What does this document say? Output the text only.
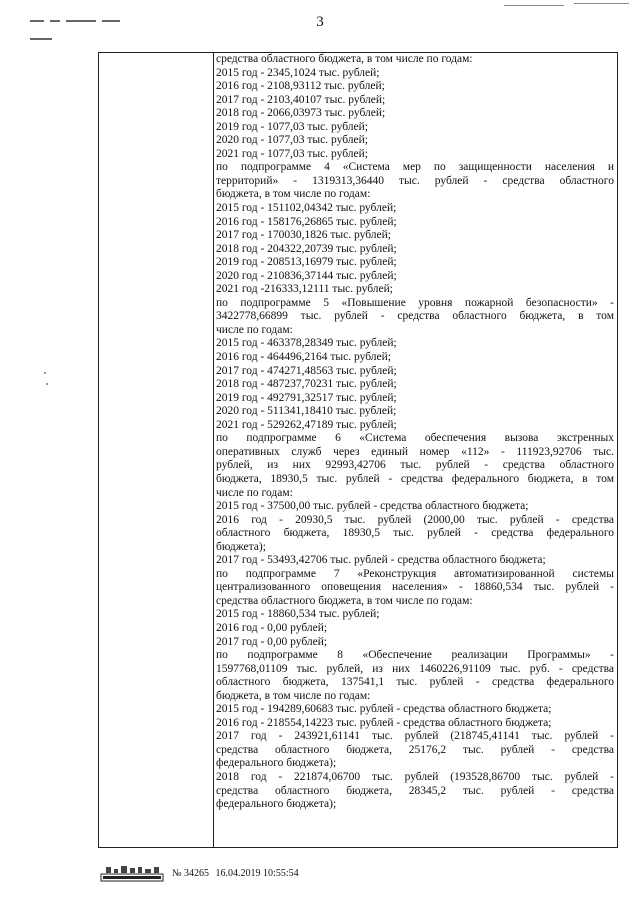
3
средства областного бюджета, в том числе по годам:
2015 год - 2345,1024 тыс. рублей;
2016 год - 2108,93112 тыс. рублей;
2017 год - 2103,40107 тыс. рублей;
2018 год - 2066,03973 тыс. рублей;
2019 год - 1077,03 тыс. рублей;
2020 год - 1077,03 тыс. рублей;
2021 год - 1077,03 тыс. рублей;
по подпрограмме 4 «Система мер по защищенности населения и
территорий» - 1319313,36440 тыс. рублей - средства областного
бюджета, в том числе по годам:
2015 год - 151102,04342 тыс. рублей;
2016 год - 158176,26865 тыс. рублей;
2017 год - 170030,1826 тыс. рублей;
2018 год - 204322,20739 тыс. рублей;
2019 год - 208513,16979 тыс. рублей;
2020 год - 210836,37144 тыс. рублей;
2021 год -216333,12111 тыс. рублей;
по подпрограмме 5 «Повышение уровня пожарной безопасности» -
3422778,66899 тыс. рублей - средства областного бюджета, в том
числе по годам:
2015 год - 463378,28349 тыс. рублей;
2016 год - 464496,2164 тыс. рублей;
2017 год - 474271,48563 тыс. рублей;
2018 год - 487237,70231 тыс. рублей;
2019 год - 492791,32517 тыс. рублей;
2020 год - 511341,18410 тыс. рублей;
2021 год - 529262,47189 тыс. рублей;
по подпрограмме 6 «Система обеспечения вызова экстренных
оперативных служб через единый номер «112» - 111923,92706 тыс.
рублей, из них 92993,42706 тыс. рублей - средства областного
бюджета, 18930,5 тыс. рублей - средства федерального бюджета, в том
числе по годам:
2015 год - 37500,00 тыс. рублей - средства областного бюджета;
2016 год - 20930,5 тыс. рублей (2000,00 тыс. рублей - средства
областного бюджета, 18930,5 тыс. рублей - средства федерального
бюджета);
2017 год - 53493,42706 тыс. рублей - средства областного бюджета;
по подпрограмме 7 «Реконструкция автоматизированной системы
централизованного оповещения населения» - 18860,534 тыс. рублей -
средства областного бюджета, в том числе по годам:
2015 год - 18860,534 тыс. рублей;
2016 год - 0,00 рублей;
2017 год - 0,00 рублей;
по подпрограмме 8 «Обеспечение реализации Программы» -
1597768,01109 тыс. рублей, из них 1460226,91109 тыс. руб. - средства
областного бюджета, 137541,1 тыс. рублей - средства федерального
бюджета, в том числе по годам:
2015 год - 194289,60683 тыс. рублей - средства областного бюджета;
2016 год - 218554,14223 тыс. рублей - средства областного бюджета;
2017 год - 243921,61141 тыс. рублей (218745,41141 тыс. рублей -
средства областного бюджета, 25176,2 тыс. рублей - средства
федерального бюджета);
2018 год - 221874,06700 тыс. рублей (193528,86700 тыс. рублей -
средства областного бюджета, 28345,2 тыс. рублей - средства
федерального бюджета);
№ 34265 16.04.2019 10:55:54
